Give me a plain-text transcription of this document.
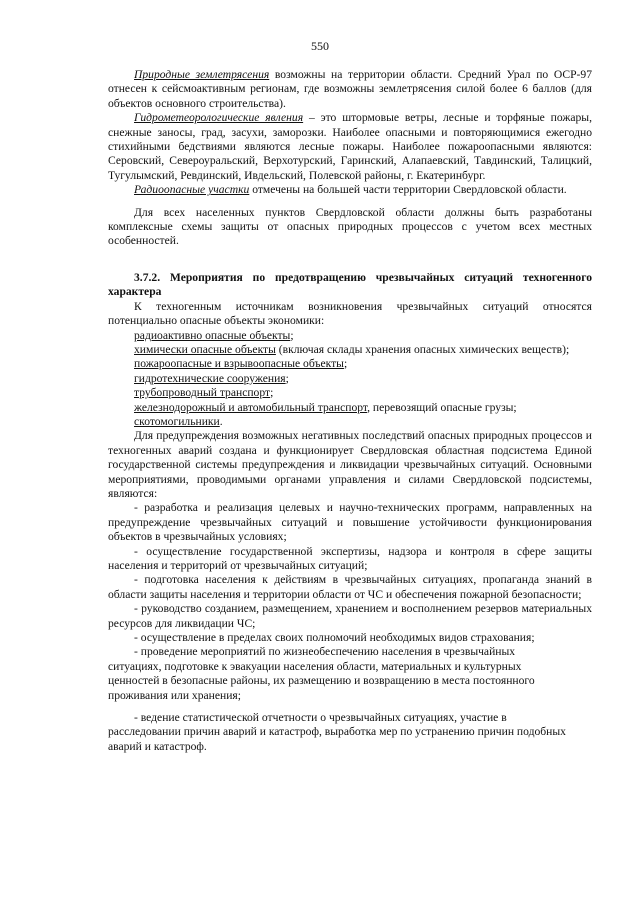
550

Природные землетрясения возможны на территории области. Средний Урал по ОСР-97 отнесен к сейсмоактивным регионам, где возможны землетрясения силой более 6 баллов (для объектов основного строительства).

Гидрометеорологические явления – это штормовые ветры, лесные и торфяные пожары, снежные заносы, град, засухи, заморозки. Наиболее опасными и повторяющимися ежегодно стихийными бедствиями являются лесные пожары. Наиболее пожароопасными являются: Серовский, Североуральский, Верхотурский, Гаринский, Алапаевский, Тавдинский, Талицкий, Тугулымский, Ревдинский, Ивдельский, Полевской районы, г. Екатеринбург.

Радиоопасные участки отмечены на большей части территории Свердловской области.

Для всех населенных пунктов Свердловской области должны быть разработаны комплексные схемы защиты от опасных природных процессов с учетом всех местных особенностей.

3.7.2. Мероприятия по предотвращению чрезвычайных ситуаций техногенного характера

К техногенным источникам возникновения чрезвычайных ситуаций относятся потенциально опасные объекты экономики:

радиоактивно опасные объекты;

химически опасные объекты (включая склады хранения опасных химических веществ);

пожароопасные и взрывоопасные объекты;

гидротехнические сооружения;

трубопроводный транспорт;

железнодорожный и автомобильный транспорт, перевозящий опасные грузы;

скотомогильники.

Для предупреждения возможных негативных последствий опасных природных процессов и техногенных аварий создана и функционирует Свердловская областная подсистема Единой государственной системы предупреждения и ликвидации чрезвычайных ситуаций. Основными мероприятиями, проводимыми органами управления и силами Свердловской подсистемы, являются:

- разработка и реализация целевых и научно-технических программ, направленных на предупреждение чрезвычайных ситуаций и повышение устойчивости функционирования объектов в чрезвычайных условиях;

- осуществление государственной экспертизы, надзора и контроля в сфере защиты населения и территорий от чрезвычайных ситуаций;

- подготовка населения к действиям в чрезвычайных ситуациях, пропаганда знаний в области защиты населения и территории области от ЧС и обеспечения пожарной безопасности;

- руководство созданием, размещением, хранением и восполнением резервов материальных ресурсов для ликвидации ЧС;

- осуществление в пределах своих полномочий необходимых видов страхования;

- проведение мероприятий по жизнеобеспечению населения в чрезвычайных ситуациях, подготовке к эвакуации населения области, материальных и культурных ценностей в безопасные районы, их размещению и возвращению в места постоянного проживания или хранения;

- ведение статистической отчетности о чрезвычайных ситуациях, участие в расследовании причин аварий и катастроф, выработка мер по устранению причин подобных аварий и катастроф.
